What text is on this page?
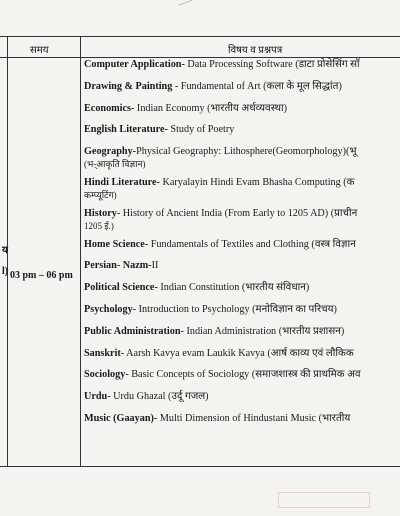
समय	विषय व प्रश्नपत्र
य
l) 03 pm – 06 pm
Computer Application- Data Processing Software (डाटा प्रोसेसिंग सॉ
Drawing & Painting - Fundamental of Art (कला के मूल सिद्धांत)
Economics- Indian Economy (भारतीय अर्थव्यवस्था)
English Literature- Study of Poetry
Geography-Physical Geography: Lithosphere(Geomorphology)(भू
(भ-्आकृति विज्ञान)
Hindi Literature- Karyalayin Hindi Evam Bhasha Computing (क
कम्प्यूटिंग)
History- History of Ancient India (From Early to 1205 AD) (प्राचीन
1205 ई.)
Home Science- Fundamentals of Textiles and Clothing (वस्त्र विज्ञान
Persian- Nazm-II
Political Science- Indian Constitution (भारतीय संविधान)
Psychology- Introduction to Psychology (मनोविज्ञान का परिचय)
Public Administration- Indian Administration (भारतीय प्रशासन)
Sanskrit- Aarsh Kavya evam Laukik Kavya (आर्ष काव्य एवं लौकिक
Sociology- Basic Concepts of Sociology (समाजशास्त्र की प्राथमिक अव
Urdu- Urdu Ghazal (उर्दू गजल)
Music (Gaayan)- Multi Dimension of Hindustani Music (भारतीय
